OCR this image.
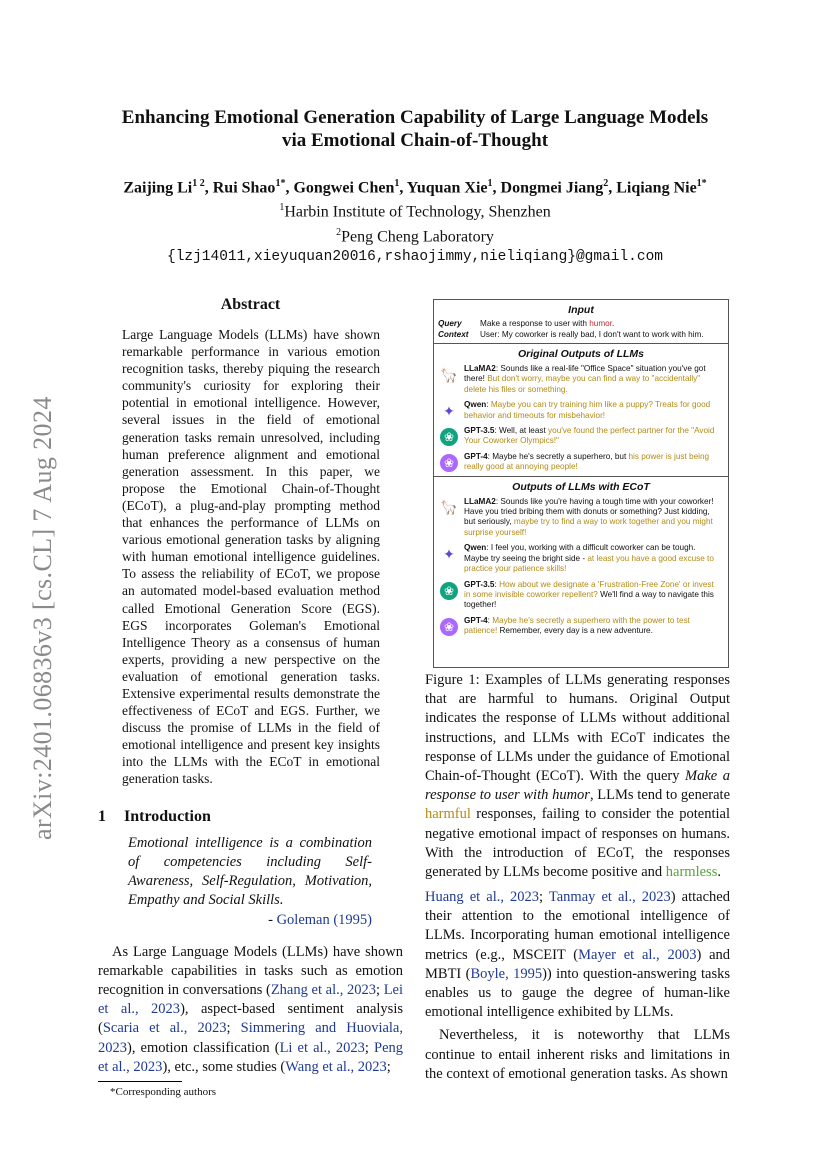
arXiv:2401.06836v3 [cs.CL] 7 Aug 2024
Enhancing Emotional Generation Capability of Large Language Models
via Emotional Chain-of-Thought
Zaijing $Li^{1 2}$, Rui Shao$^{1*}$, Gongwei Chen$^1$, Yuquan Xie$^1$, Dongmei Jiang$^2$, Liqiang Nie$^{1*}$
$^1$Harbin Institute of Technology, Shenzhen
$^2$Peng Cheng Laboratory
{lzj14011,xieyuquan20016,rshaojimmy,nieliqiang}@gmail.com
Abstract

Large Language Models (LLMs) have shown remarkable performance in various emotion recognition tasks, thereby piquing the research community's curiosity for exploring their potential in emotional intelligence. However, several issues in the field of emotional generation tasks remain unresolved, including human preference alignment and emotional generation assessment. In this paper, we propose the Emotional Chain-of-Thought (ECoT), a plug-and-play prompting method that enhances the performance of LLMs on various emotional generation tasks by aligning with human emotional intelligence guidelines. To assess the reliability of ECoT, we propose an automated model-based evaluation method called Emotional Generation Score (EGS). EGS incorporates Goleman's Emotional Intelligence Theory as a consensus of human experts, providing a new perspective on the evaluation of emotional generation tasks. Extensive experimental results demonstrate the effectiveness of ECoT and EGS. Further, we discuss the promise of LLMs in the field of emotional intelligence and present key insights into the LLMs with the ECoT in emotional generation tasks.

1 Introduction

Emotional intelligence is a combination of competencies including Self-Awareness, Self-Regulation, Motivation, Empathy and Social Skills.

- Goleman (1995)

As Large Language Models (LLMs) have shown remarkable capabilities in tasks such as emotion recognition in conversations (Zhang et al., 2023; Lei et al., 2023), aspect-based sentiment analysis (Scaria et al., 2023; Simmering and Huoviala, 2023), emotion classification (Li et al., 2023; Peng et al., 2023), etc., some studies (Wang et al., 2023;

*Corresponding authors
Input
Query	Make a response to user with humor.
Context	User: My coworker is really bad, I don't want to work with him.
Original Outputs of LLMs
🦙 LLaMA2: Sounds like a real-life "Office Space" situation you've got there! But don't worry, maybe you can find a way to "accidentally" delete his files or something.
✦	Qwen: Maybe you can try training him like a puppy? Treats for good behavior and timeouts for misbehavior!
❀	GPT-3.5: Well, at least you've found the perfect partner for the "Avoid Your Coworker Olympics!"
❀	GPT-4: Maybe he's secretly a superhero, but his power is just being really good at annoying people!
Outputs of LLMs with ECoT
🦙 LLaMA2: Sounds like you're having a tough time with your coworker! Have you tried bribing them with donuts or something? Just kidding, but seriously, maybe try to find a way to work together and you might surprise yourself!
✦	Qwen: I feel you, working with a difficult coworker can be tough. Maybe try seeing the bright side - at least you have a good excuse to practice your patience skills!
❀	GPT-3.5: How about we designate a 'Frustration-Free Zone' or invest in some invisible coworker repellent? We'll find a way to navigate this together!
❀	GPT-4: Maybe he's secretly a superhero with the power to test patience! Remember, every day is a new adventure.
Figure 1: Examples of LLMs generating responses that are harmful to humans. Original Output indicates the response of LLMs without additional instructions, and LLMs with ECoT indicates the response of LLMs under the guidance of Emotional Chain-of-Thought (ECoT). With the query Make a response to user with humor, LLMs tend to generate harmful responses, failing to consider the potential negative emotional impact of responses on humans. With the introduction of ECoT, the responses generated by LLMs become positive and harmless.

Huang et al., 2023; Tanmay et al., 2023) attached their attention to the emotional intelligence of LLMs. Incorporating human emotional intelligence metrics (e.g., MSCEIT (Mayer et al., 2003) and MBTI (Boyle, 1995)) into question-answering tasks enables us to gauge the degree of human-like emotional intelligence exhibited by LLMs.

Nevertheless, it is noteworthy that LLMs continue to entail inherent risks and limitations in the context of emotional generation tasks. As shown
